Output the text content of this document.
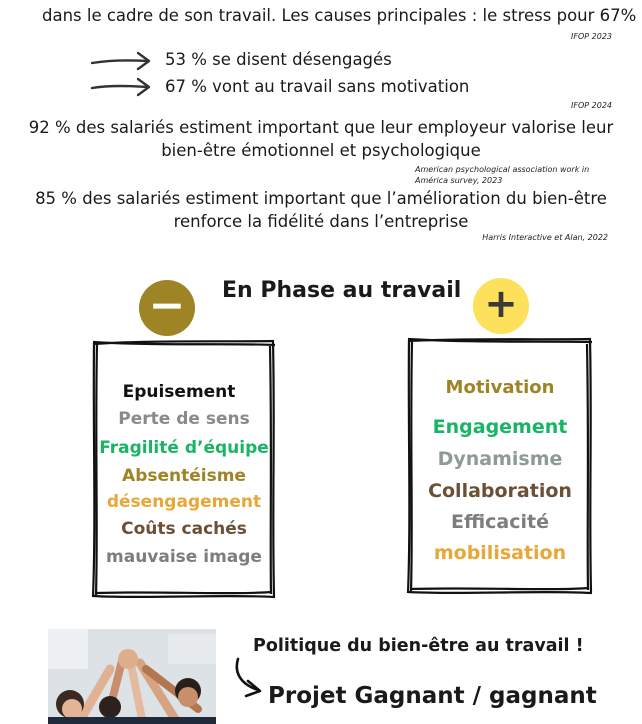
dans le cadre de son travail. Les causes principales : le stress pour 67%
IFOP 2023
53 % se disent désengagés
67 % vont au travail sans motivation
IFOP 2024
92 % des salariés estiment important que leur employeur valorise leur
bien-être émotionnel et psychologique
American psychological association work in
América survey, 2023
85 % des salariés estiment important que l’amélioration du bien-être
renforce la fidélité dans l’entreprise
Harris Interactive et Alan, 2022
− En Phase au travail +
Epuisement
Perte de sens
Fragilité d’équipe
Absentéisme
désengagement
Coûts cachés
mauvaise image
Motivation
Engagement
Dynamisme
Collaboration
Efficacité
mobilisation
Politique du bien-être au travail !
Projet Gagnant / gagnant
